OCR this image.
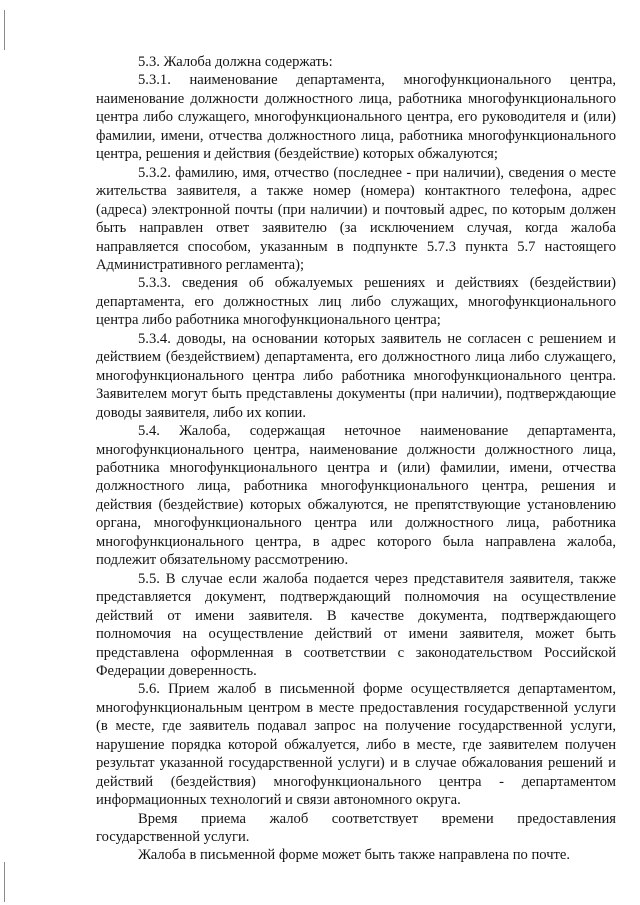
5.3. Жалоба должна содержать:

5.3.1. наименование департамента, многофункционального центра, наименование должности должностного лица, работника многофункционального центра либо служащего, многофункционального центра, его руководителя и (или) фамилии, имени, отчества должностного лица, работника многофункционального центра, решения и действия (бездействие) которых обжалуются;

5.3.2. фамилию, имя, отчество (последнее - при наличии), сведения о месте жительства заявителя, а также номер (номера) контактного телефона, адрес (адреса) электронной почты (при наличии) и почтовый адрес, по которым должен быть направлен ответ заявителю (за исключением случая, когда жалоба направляется способом, указанным в подпункте 5.7.3 пункта 5.7 настоящего Административного регламента);

5.3.3. сведения об обжалуемых решениях и действиях (бездействии) департамента, его должностных лиц либо служащих, многофункционального центра либо работника многофункционального центра;

5.3.4. доводы, на основании которых заявитель не согласен с решением и действием (бездействием) департамента, его должностного лица либо служащего, многофункционального центра либо работника многофункционального центра. Заявителем могут быть представлены документы (при наличии), подтверждающие доводы заявителя, либо их копии.

5.4. Жалоба, содержащая неточное наименование департамента, многофункционального центра, наименование должности должностного лица, работника многофункционального центра и (или) фамилии, имени, отчества должностного лица, работника многофункционального центра, решения и действия (бездействие) которых обжалуются, не препятствующие установлению органа, многофункционального центра или должностного лица, работника многофункционального центра, в адрес которого была направлена жалоба, подлежит обязательному рассмотрению.

5.5. В случае если жалоба подается через представителя заявителя, также представляется документ, подтверждающий полномочия на осуществление действий от имени заявителя. В качестве документа, подтверждающего полномочия на осуществление действий от имени заявителя, может быть представлена оформленная в соответствии с законодательством Российской Федерации доверенность.

5.6. Прием жалоб в письменной форме осуществляется департаментом, многофункциональным центром в месте предоставления государственной услуги (в месте, где заявитель подавал запрос на получение государственной услуги, нарушение порядка которой обжалуется, либо в месте, где заявителем получен результат указанной государственной услуги) и в случае обжалования решений и действий (бездействия) многофункционального центра - департаментом информационных технологий и связи автономного округа.

Время приема жалоб соответствует времени предоставления государственной услуги.

Жалоба в письменной форме может быть также направлена по почте.
